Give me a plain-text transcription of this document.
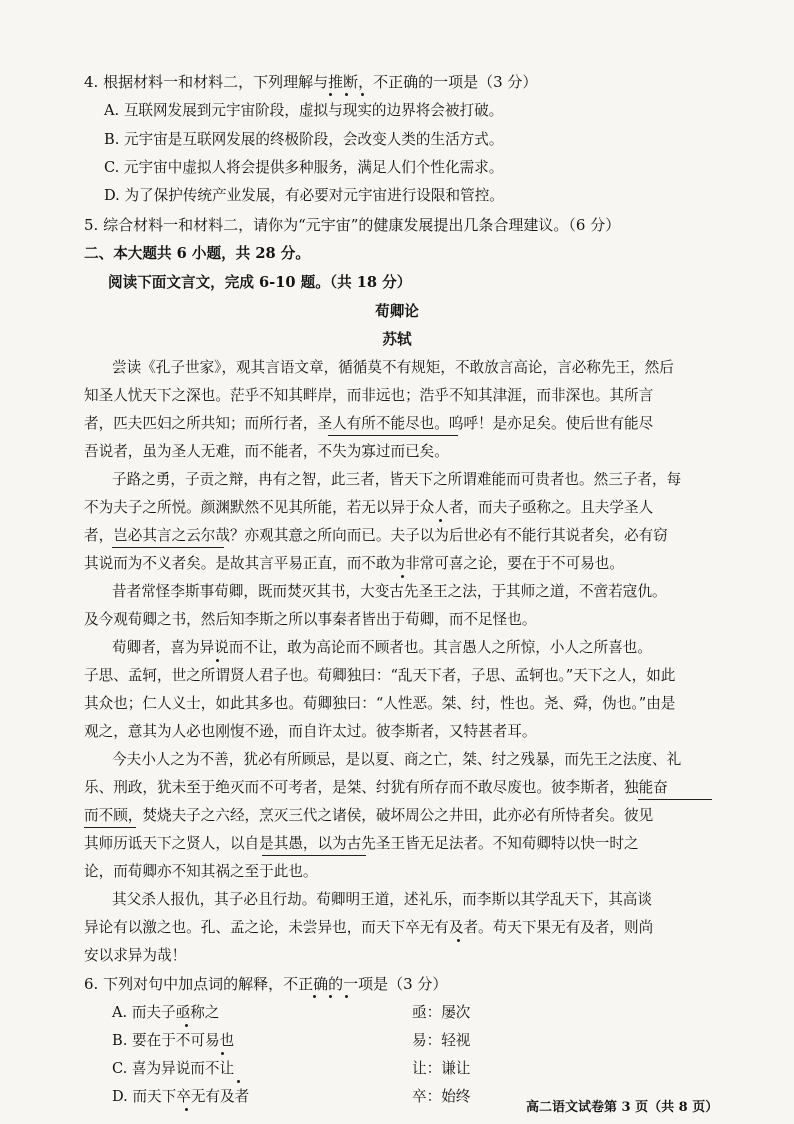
4. 根据材料一和材料二，下列理解与推断，不正确的一项是（3 分）

A. 互联网发展到元宇宙阶段，虚拟与现实的边界将会被打破。

B. 元宇宙是互联网发展的终极阶段，会改变人类的生活方式。

C. 元宇宙中虚拟人将会提供多种服务，满足人们个性化需求。

D. 为了保护传统产业发展，有必要对元宇宙进行设限和管控。

5. 综合材料一和材料二，请你为“元宇宙”的健康发展提出几条合理建议。（6 分）

二、本大题共 6 小题，共 28 分。

阅读下面文言文，完成 6-10 题。（共 18 分）

荀卿论

苏轼

尝读《孔子世家》，观其言语文章，循循莫不有规矩，不敢放言高论，言必称先王，然后

知圣人忧天下之深也。茫乎不知其畔岸，而非远也；浩乎不知其津涯，而非深也。其所言

者，匹夫匹妇之所共知；而所行者，圣人有所不能尽也。呜呼！是亦足矣。使后世有能尽

吾说者，虽为圣人无难，而不能者，不失为寡过而已矣。

子路之勇，子贡之辩，冉有之智，此三者，皆天下之所谓难能而可贵者也。然三子者，每

不为夫子之所悦。颜渊默然不见其所能，若无以异于众人者，而夫子亟称之。且夫学圣人

者，岂必其言之云尔哉？亦观其意之所向而已。夫子以为后世必有不能行其说者矣，必有窃

其说而为不义者矣。是故其言平易正直，而不敢为非常可喜之论，要在于不可易也。

昔者常怪李斯事荀卿，既而焚灭其书，大变古先圣王之法，于其师之道，不啻若寇仇。

及今观荀卿之书，然后知李斯之所以事秦者皆出于荀卿，而不足怪也。

荀卿者，喜为异说而不让，敢为高论而不顾者也。其言愚人之所惊，小人之所喜也。

子思、孟轲，世之所谓贤人君子也。荀卿独曰：“乱天下者，子思、孟轲也。”天下之人，如此

其众也；仁人义士，如此其多也。荀卿独曰：“人性恶。桀、纣，性也。尧、舜，伪也。”由是

观之，意其为人必也刚愎不逊，而自许太过。彼李斯者，又特甚者耳。

今夫小人之为不善，犹必有所顾忌，是以夏、商之亡，桀、纣之残暴，而先王之法度、礼

乐、刑政，犹未至于绝灭而不可考者，是桀、纣犹有所存而不敢尽废也。彼李斯者，独能奋

而不顾，焚烧夫子之六经，烹灭三代之诸侯，破坏周公之井田，此亦必有所恃者矣。彼见

其师历诋天下之贤人，以自是其愚，以为古先圣王皆无足法者。不知荀卿特以快一时之

论，而荀卿亦不知其祸之至于此也。

其父杀人报仇，其子必且行劫。荀卿明王道，述礼乐，而李斯以其学乱天下，其高谈

异论有以激之也。孔、孟之论，未尝异也，而天下卒无有及者。苟天下果无有及者，则尚

安以求异为哉！

6. 下列对句中加点词的解释，不正确的一项是（3 分）

A. 而夫子亟称之	亟：屡次
B. 要在于不可易也	易：轻视
C. 喜为异说而不让	让：谦让
D. 而天下卒无有及者	卒：始终

高二语文试卷第 3 页（共 8 页）
